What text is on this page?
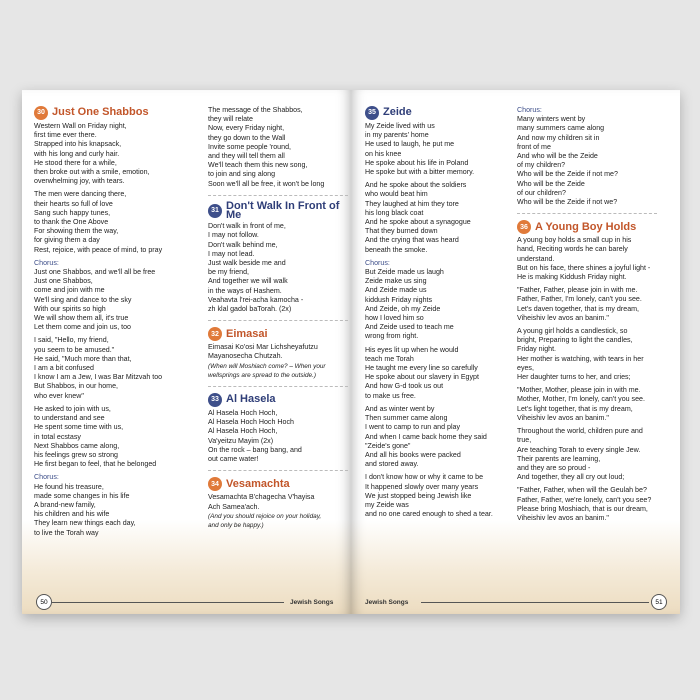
30 Just One Shabbos
Western Wall on Friday night,
first time ever there.
Strapped into his knapsack,
with his long and curly hair.
He stood there for a while,
then broke out with a smile, emotion,
overwhelming joy, with tears.
The men were dancing there,
their hearts so full of love
Sang such happy tunes,
to thank the One Above
For showing them the way,
for giving them a day
Rest, rejoice, with peace of mind, to pray
Chorus:
Just one Shabbos, and we'll all be free
Just one Shabbos,
come and join with me
We'll sing and dance to the sky
With our spirits so high
We will show them all, it's true
Let them come and join us, too
I said, "Hello, my friend,
you seem to be amused."
He said, "Much more than that,
I am a bit confused
I know I am a Jew, I was Bar Mitzvah too
But Shabbos, in our home,
who ever knew"
He asked to join with us,
to understand and see
He spent some time with us,
in total ecstasy
Next Shabbos came along,
his feelings grew so strong
He first began to feel, that he belonged
Chorus:
He found his treasure,
made some changes in his life
A brand-new family,
his children and his wife
They learn new things each day,
to live the Torah way
The message of the Shabbos,
they will relate
Now, every Friday night,
they go down to the Wall
Invite some people 'round,
and they will tell them all
We'll teach them this new song,
to join and sing along
Soon we'll all be free, it won't be long
31 Don't Walk In Front of Me
Don't walk in front of me,
I may not follow.
Don't walk behind me,
I may not lead.
Just walk beside me and
be my friend,
And together we will walk
in the ways of Hashem.
Veahavta l'rei-acha kamocha -
zh klal gadol baTorah. (2x)
32 Eimasai
Eimasai Ko'osi Mar Lichsheyafutzu
Mayanosecha Chutzah.
(When will Moshiach come? – When your
wellsprings are spread to the outside.)
33 Al Hasela
Al Hasela Hoch Hoch,
Al Hasela Hoch Hoch Hoch
Al Hasela Hoch Hoch,
Va'yeitzu Mayim (2x)
On the rock – bang bang, and
out came water!
34 Vesamachta
Vesamachta B'chagecha V'hayisa
Ach Samea'ach.
(And you should rejoice on your holiday,
and only be happy.)
50	Jewish Songs
35 Zeide
My Zeide lived with us
in my parents' home
He used to laugh, he put me
on his knee
He spoke about his life in Poland
He spoke but with a bitter memory.
And he spoke about the soldiers
who would beat him
They laughed at him they tore
his long black coat
And he spoke about a synagogue
That they burned down
And the crying that was heard
beneath the smoke.
Chorus:
But Zeide made us laugh
Zeide make us sing
And Zeide made us
kiddush Friday nights
And Zeide, oh my Zeide
how I loved him so
And Zeide used to teach me
wrong from right.
His eyes lit up when he would
teach me Torah
He taught me every line so carefully
He spoke about our slavery in Egypt
And how G-d took us out
to make us free.
And as winter went by
Then summer came along
I went to camp to run and play
And when I came back home they said
"Zeide's gone"
And all his books were packed
and stored away.
I don't know how or why it came to be
It happened slowly over many years
We just stopped being Jewish like
my Zeide was
and no one cared enough to shed a tear.
Chorus:
Many winters went by
many summers came along
And now my children sit in
front of me
And who will be the Zeide
of my children?
Who will be the Zeide if not me?
Who will be the Zeide
of our children?
Who will be the Zeide if not we?
36 A Young Boy Holds
A young boy holds a small cup in his
hand, Reciting words he can barely
understand.
But on his face, there shines a joyful light -
He is making Kiddush Friday night.
"Father, Father, please join in with me.
Father, Father, I'm lonely, can't you see.
Let's daven together, that is my dream,
Viheishiv lev avos an banim."
A young girl holds a candlestick, so
bright, Preparing to light the candles,
Friday night.
Her mother is watching, with tears in her
eyes,
Her daughter turns to her, and cries;
"Mother, Mother, please join in with me.
Mother, Mother, I'm lonely, can't you see.
Let's light together, that is my dream,
Viheishiv lev avos an banim."
Throughout the world, children pure and
true,
Are teaching Torah to every single Jew.
Their parents are learning,
and they are so proud -
And together, they all cry out loud;
"Father, Father, when will the Geulah be?
Father, Father, we're lonely, can't you see?
Please bring Moshiach, that is our dream,
Viheishiv lev avos an banim."
Jewish Songs	51
